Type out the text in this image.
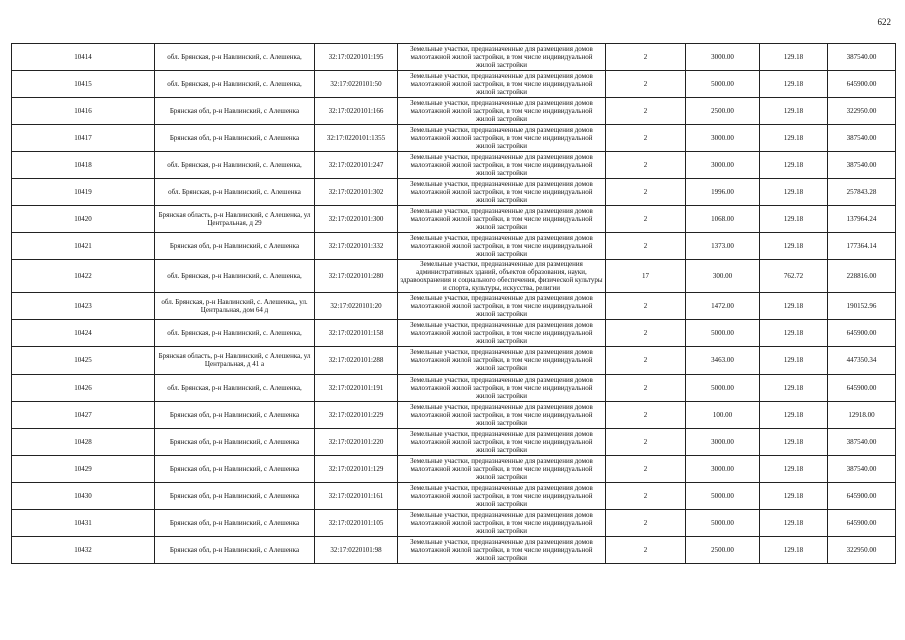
622
10414	обл. Брянская, р-н Навлинский, с. Алешенка,	32:17:0220101:195	Земельные участки, предназначенные для размещения домов малоэтажной жилой застройки, в том числе индивидуальной жилой застройки	2	3000.00	129.18	387540.00
10415	обл. Брянская, р-н Навлинский, с. Алешенка,	32:17:0220101:50	Земельные участки, предназначенные для размещения домов малоэтажной жилой застройки, в том числе индивидуальной жилой застройки	2	5000.00	129.18	645900.00
10416	Брянская обл, р-н Навлинский, с Алешенка	32:17:0220101:166	Земельные участки, предназначенные для размещения домов малоэтажной жилой застройки, в том числе индивидуальной жилой застройки	2	2500.00	129.18	322950.00
10417	Брянская обл, р-н Навлинский, с Алешенка	32:17:0220101:1355	Земельные участки, предназначенные для размещения домов малоэтажной жилой застройки, в том числе индивидуальной жилой застройки	2	3000.00	129.18	387540.00
10418	обл. Брянская, р-н Навлинский, с. Алешенка,	32:17:0220101:247	Земельные участки, предназначенные для размещения домов малоэтажной жилой застройки, в том числе индивидуальной жилой застройки	2	3000.00	129.18	387540.00
10419	обл. Брянская, р-н Навлинский, с. Алешенка	32:17:0220101:302	Земельные участки, предназначенные для размещения домов малоэтажной жилой застройки, в том числе индивидуальной жилой застройки	2	1996.00	129.18	257843.28
10420	Брянская область, р-н Навлинский, с Алешенка, ул Центральная, д 29	32:17:0220101:300	Земельные участки, предназначенные для размещения домов малоэтажной жилой застройки, в том числе индивидуальной жилой застройки	2	1068.00	129.18	137964.24
10421	Брянская обл, р-н Навлинский, с Алешенка	32:17:0220101:332	Земельные участки, предназначенные для размещения домов малоэтажной жилой застройки, в том числе индивидуальной жилой застройки	2	1373.00	129.18	177364.14
10422	обл. Брянская, р-н Навлинский, с. Алешенка,	32:17:0220101:280	Земельные участки, предназначенные для размещения административных зданий, объектов образования, науки, здравоохранения и социального обеспечения, физической культуры и спорта, культуры, искусства, религии	17	300.00	762.72	228816.00
10423	обл. Брянская, р-н Навлинский, с. Алешенка,, ул. Центральная, дом 64 д	32:17:0220101:20	Земельные участки, предназначенные для размещения домов малоэтажной жилой застройки, в том числе индивидуальной жилой застройки	2	1472.00	129.18	190152.96
10424	обл. Брянская, р-н Навлинский, с. Алешенка,	32:17:0220101:158	Земельные участки, предназначенные для размещения домов малоэтажной жилой застройки, в том числе индивидуальной жилой застройки	2	5000.00	129.18	645900.00
10425	Брянская область, р-н Навлинский, с Алешенка, ул Центральная, д 41 а	32:17:0220101:288	Земельные участки, предназначенные для размещения домов малоэтажной жилой застройки, в том числе индивидуальной жилой застройки	2	3463.00	129.18	447350.34
10426	обл. Брянская, р-н Навлинский, с. Алешенка,	32:17:0220101:191	Земельные участки, предназначенные для размещения домов малоэтажной жилой застройки, в том числе индивидуальной жилой застройки	2	5000.00	129.18	645900.00
10427	Брянская обл, р-н Навлинский, с Алешенка	32:17:0220101:229	Земельные участки, предназначенные для размещения домов малоэтажной жилой застройки, в том числе индивидуальной жилой застройки	2	100.00	129.18	12918.00
10428	Брянская обл, р-н Навлинский, с Алешенка	32:17:0220101:220	Земельные участки, предназначенные для размещения домов малоэтажной жилой застройки, в том числе индивидуальной жилой застройки	2	3000.00	129.18	387540.00
10429	Брянская обл, р-н Навлинский, с Алешенка	32:17:0220101:129	Земельные участки, предназначенные для размещения домов малоэтажной жилой застройки, в том числе индивидуальной жилой застройки	2	3000.00	129.18	387540.00
10430	Брянская обл, р-н Навлинский, с Алешенка	32:17:0220101:161	Земельные участки, предназначенные для размещения домов малоэтажной жилой застройки, в том числе индивидуальной жилой застройки	2	5000.00	129.18	645900.00
10431	Брянская обл, р-н Навлинский, с Алешенка	32:17:0220101:105	Земельные участки, предназначенные для размещения домов малоэтажной жилой застройки, в том числе индивидуальной жилой застройки	2	5000.00	129.18	645900.00
10432	Брянская обл, р-н Навлинский, с Алешенка	32:17:0220101:98	Земельные участки, предназначенные для размещения домов малоэтажной жилой застройки, в том числе индивидуальной жилой застройки	2	2500.00	129.18	322950.00
